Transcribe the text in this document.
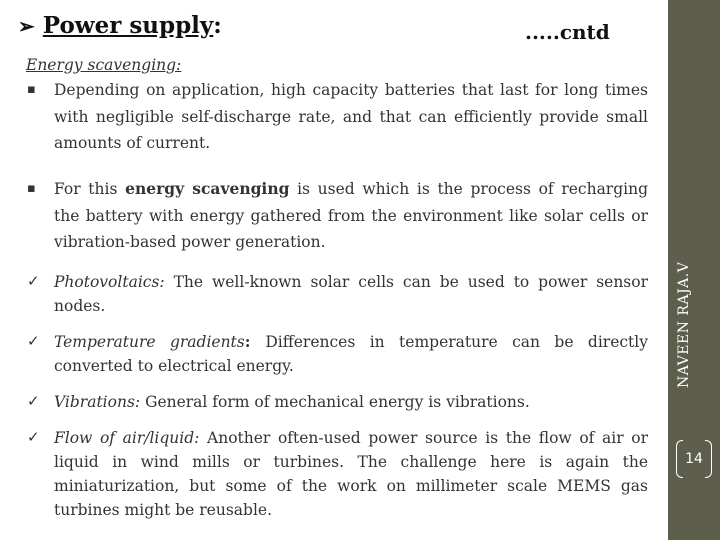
➢ Power supply:	.....cntd
Energy scavenging:
▪ Depending on application, high capacity batteries that last for long times with negligible self-discharge rate, and that can efficiently provide small amounts of current.
▪ For this energy scavenging is used which is the process of recharging the battery with energy gathered from the environment like solar cells or vibration-based power generation.
✓ Photovoltaics: The well-known solar cells can be used to power sensor nodes.
✓ Temperature gradients: Differences in temperature can be directly converted to electrical energy.
✓ Vibrations: General form of mechanical energy is vibrations.
✓ Flow of air/liquid: Another often-used power source is the flow of air or liquid in wind mills or turbines. The challenge here is again the miniaturization, but some of the work on millimeter scale MEMS gas turbines might be reusable.
NAVEEN RAJA.V
14
